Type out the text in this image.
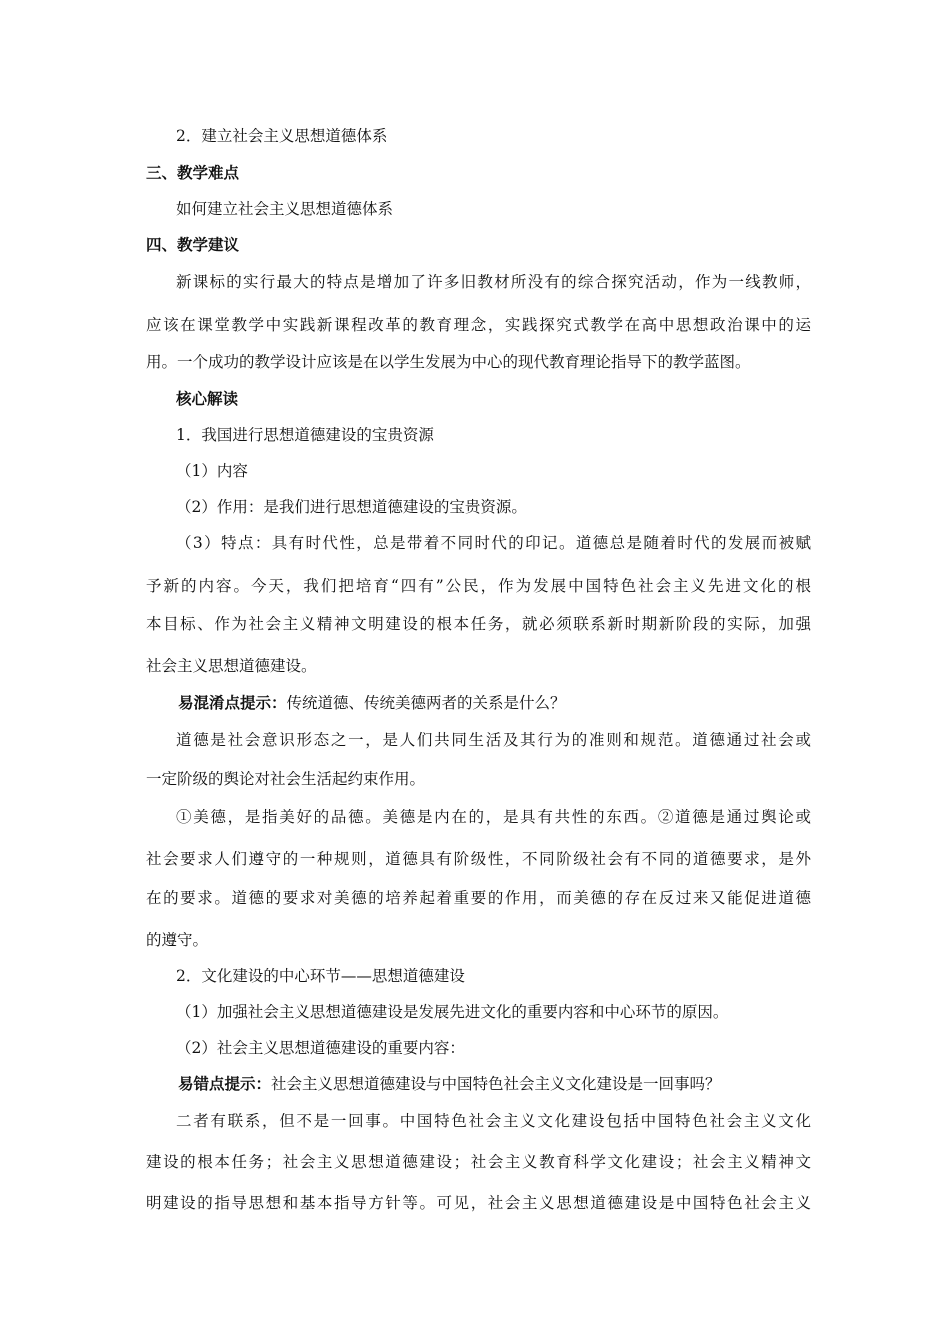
2．建立社会主义思想道德体系
三、教学难点
如何建立社会主义思想道德体系
四、教学建议
新课标的实行最大的特点是增加了许多旧教材所没有的综合探究活动，作为一线教师，
应该在课堂教学中实践新课程改革的教育理念，实践探究式教学在高中思想政治课中的运
用。一个成功的教学设计应该是在以学生发展为中心的现代教育理论指导下的教学蓝图。
核心解读
1．我国进行思想道德建设的宝贵资源
（1）内容
（2）作用：是我们进行思想道德建设的宝贵资源。
（3）特点：具有时代性，总是带着不同时代的印记。道德总是随着时代的发展而被赋
予新的内容。今天，我们把培育“四有”公民，作为发展中国特色社会主义先进文化的根
本目标、作为社会主义精神文明建设的根本任务，就必须联系新时期新阶段的实际，加强
社会主义思想道德建设。
易混淆点提示：传统道德、传统美德两者的关系是什么？
道德是社会意识形态之一，是人们共同生活及其行为的准则和规范。道德通过社会或
一定阶级的舆论对社会生活起约束作用。
①美德，是指美好的品德。美德是内在的，是具有共性的东西。②道德是通过舆论或
社会要求人们遵守的一种规则，道德具有阶级性，不同阶级社会有不同的道德要求，是外
在的要求。道德的要求对美德的培养起着重要的作用，而美德的存在反过来又能促进道德
的遵守。
2．文化建设的中心环节——思想道德建设
（1）加强社会主义思想道德建设是发展先进文化的重要内容和中心环节的原因。
（2）社会主义思想道德建设的重要内容：
易错点提示：社会主义思想道德建设与中国特色社会主义文化建设是一回事吗？
二者有联系，但不是一回事。中国特色社会主义文化建设包括中国特色社会主义文化
建设的根本任务；社会主义思想道德建设；社会主义教育科学文化建设；社会主义精神文
明建设的指导思想和基本指导方针等。可见，社会主义思想道德建设是中国特色社会主义
